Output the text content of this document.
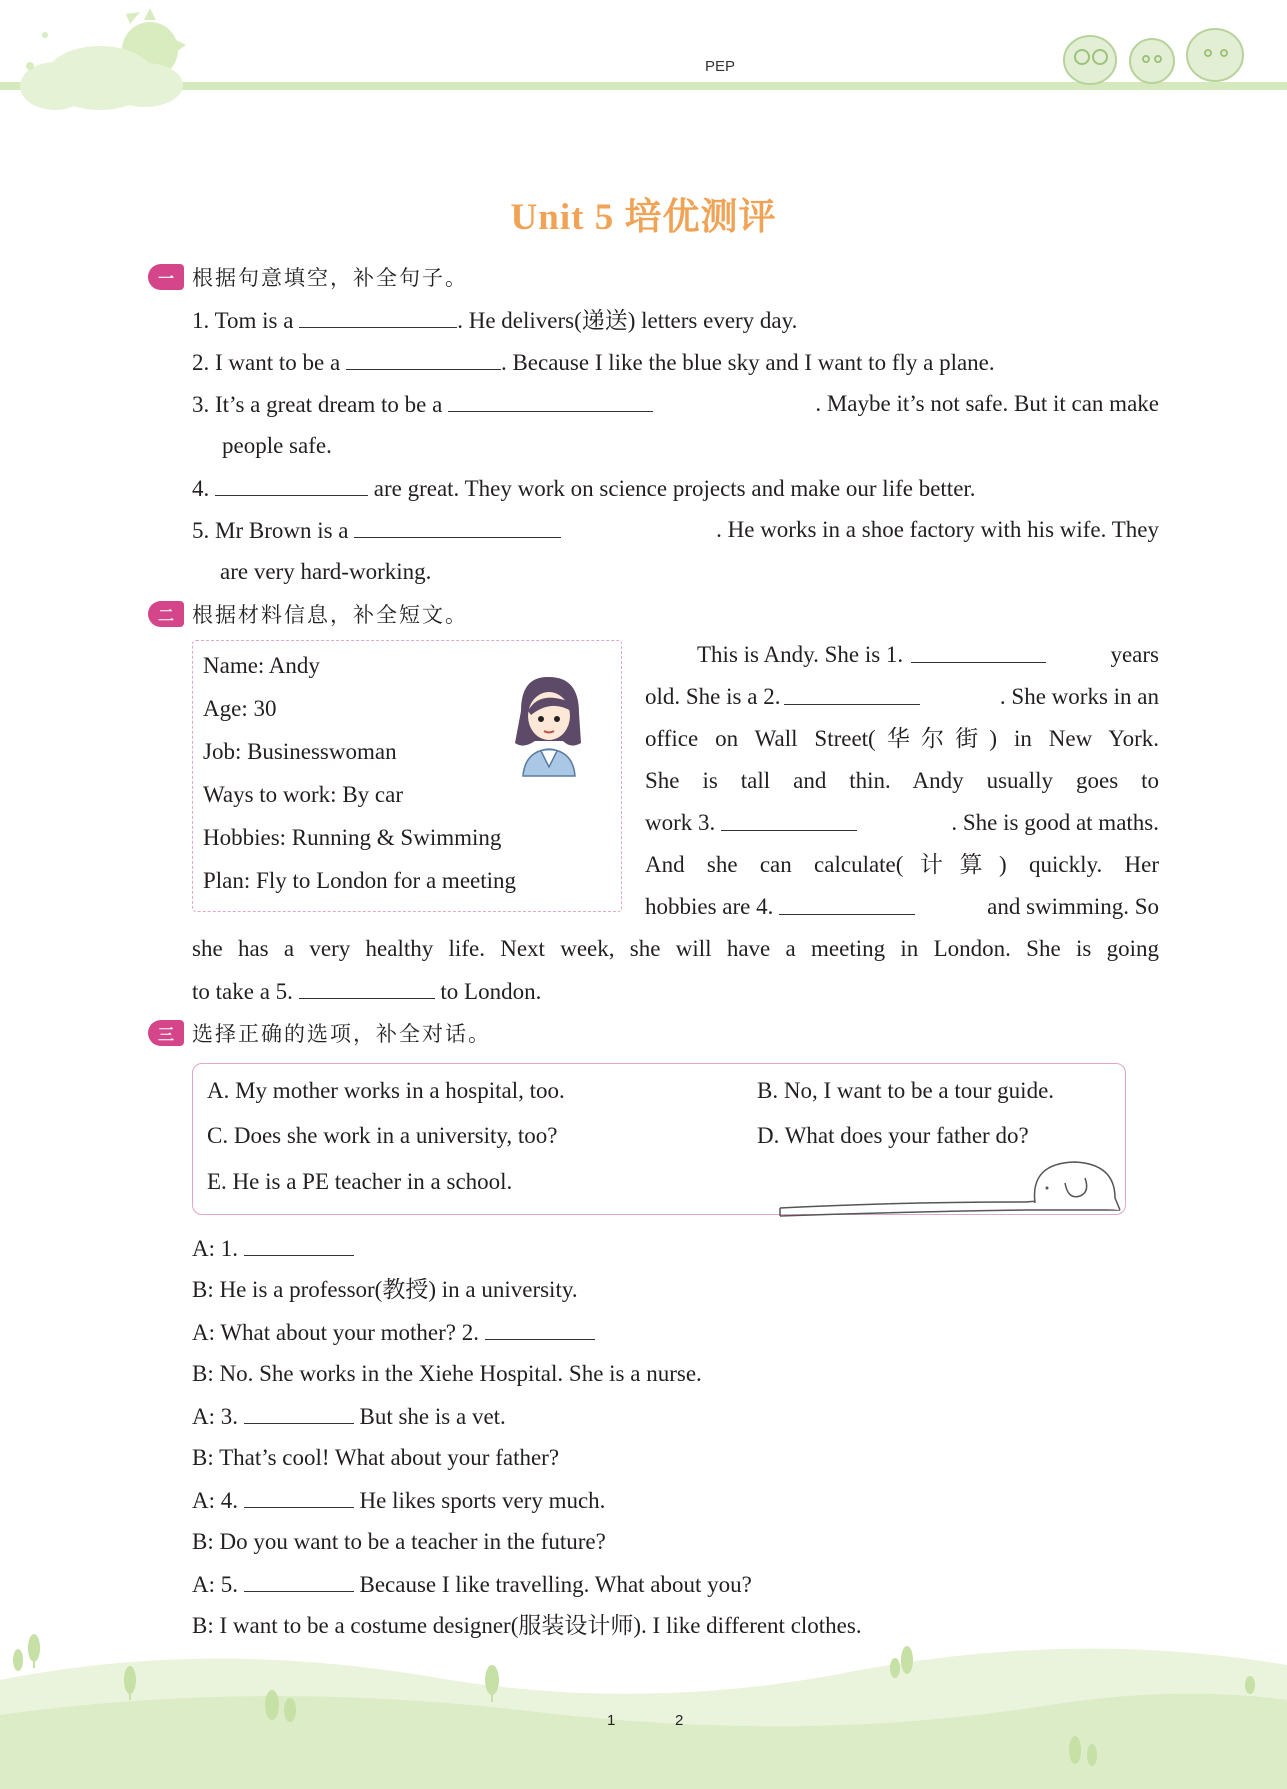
PEP
Unit 5 培优测评
一 根据句意填空，补全句子。
1. Tom is a	. He delivers(递送) letters every day.
2. I want to be a	. Because I like the blue sky and I want to fly a plane.
3. It’s a great dream to be a	. Maybe it’s not safe. But it can make
people safe.
4.	are great. They work on science projects and make our life better.
5. Mr Brown is a	. He works in a shoe factory with his wife. They
are very hard-working.
二 根据材料信息，补全短文。
Name: Andy
Age: 30
Job: Businesswoman
Ways to work: By car
Hobbies: Running & Swimming
Plan: Fly to London for a meeting
This is Andy. She is 1.	years
old. She is a 2.	. She works in an
office on Wall Street(华尔街) in New York.
She is tall and thin. Andy usually goes to
work 3.	. She is good at maths.
And she can calculate(计算) quickly. Her
hobbies are 4.	and swimming. So
she has a very healthy life. Next week, she will have a meeting in London. She is going
to take a 5.	to London.
三 选择正确的选项，补全对话。
A. My mother works in a hospital, too.	B. No, I want to be a tour guide.
C. Does she work in a university, too?	D. What does your father do?
E. He is a PE teacher in a school.
A: 1.
B: He is a professor(教授) in a university.
A: What about your mother? 2.
B: No. She works in the Xiehe Hospital. She is a nurse.
A: 3.	But she is a vet.
B: That’s cool! What about your father?
A: 4.	He likes sports very much.
B: Do you want to be a teacher in the future?
A: 5.	Because I like travelling. What about you?
B: I want to be a costume designer(服装设计师). I like different clothes.
1	2
